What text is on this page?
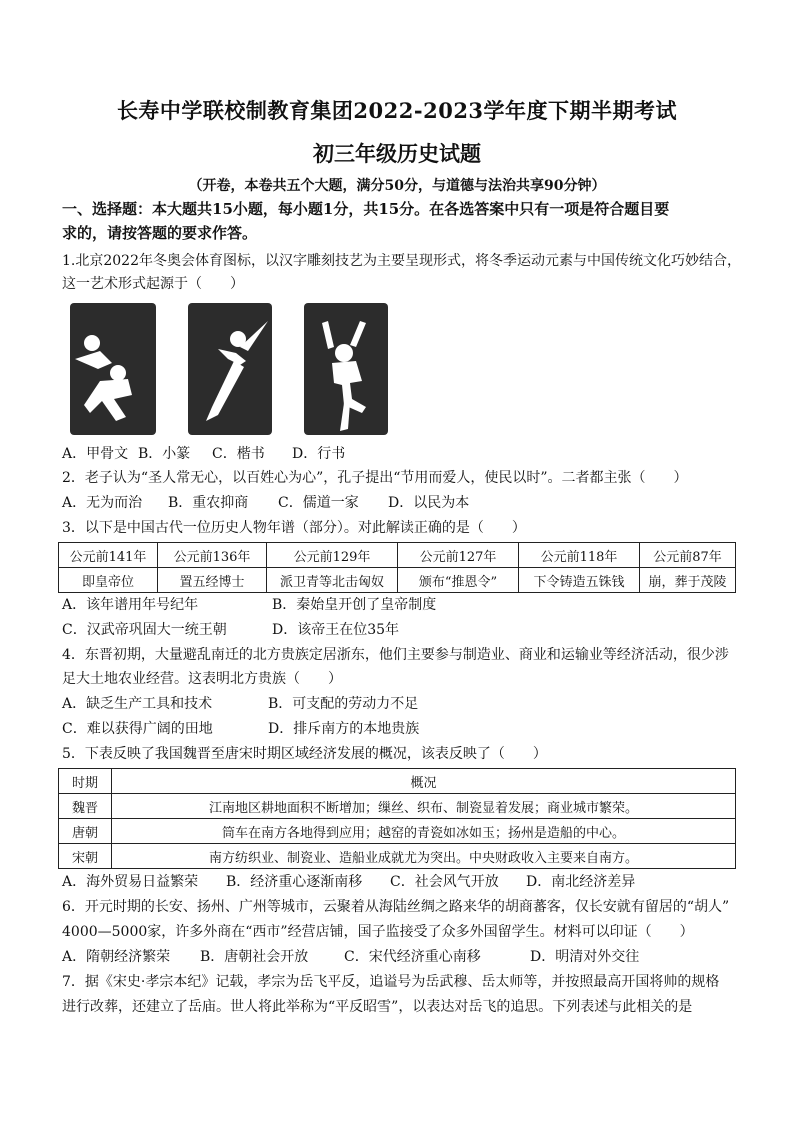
长寿中学联校制教育集团2022-2023学年度下期半期考试
初三年级历史试题
（开卷，本卷共五个大题，满分50分，与道德与法治共享90分钟）
一、选择题：本大题共15小题，每小题1分，共15分。在各选答案中只有一项是符合题目要
求的，请按答题的要求作答。
1.北京2022年冬奥会体育图标，以汉字雕刻技艺为主要呈现形式，将冬季运动元素与中国传统文化巧妙结合，
这一艺术形式起源于（　　）
A．甲骨文 B．小篆 C．楷书 D．行书
2．老子认为“圣人常无心，以百姓心为心”，孔子提出“节用而爱人，使民以时”。二者都主张（　　）
A．无为而治 B．重农抑商 C．儒道一家 D．以民为本
3．以下是中国古代一位历史人物年谱（部分）。对此解读正确的是（　　）
公元前141年	公元前136年	公元前129年	公元前127年	公元前118年	公元前87年
即皇帝位	置五经博士	派卫青等北击匈奴	颁布“推恩令”	下令铸造五铢钱	崩，葬于茂陵
A．该年谱用年号纪年	B．秦始皇开创了皇帝制度
C．汉武帝巩固大一统王朝	D．该帝王在位35年
4．东晋初期，大量避乱南迁的北方贵族定居浙东，他们主要参与制造业、商业和运输业等经济活动，很少涉
足大土地农业经营。这表明北方贵族（　　）
A．缺乏生产工具和技术	B．可支配的劳动力不足
C．难以获得广阔的田地	D．排斥南方的本地贵族
5．下表反映了我国魏晋至唐宋时期区域经济发展的概况，该表反映了（　　）
时期	概况
魏晋	江南地区耕地面积不断增加；缫丝、织布、制瓷显着发展；商业城市繁荣。
唐朝	筒车在南方各地得到应用；越窑的青瓷如冰如玉；扬州是造船的中心。
宋朝	南方纺织业、制瓷业、造船业成就尤为突出。中央财政收入主要来自南方。
A．海外贸易日益繁荣 B．经济重心逐渐南移 C．社会风气开放 D．南北经济差异
6．开元时期的长安、扬州、广州等城市，云聚着从海陆丝绸之路来华的胡商蕃客，仅长安就有留居的“胡人”
4000—5000家，许多外商在“西市”经营店铺，国子监接受了众多外国留学生。材料可以印证（　　）
A．隋朝经济繁荣 B．唐朝社会开放	C．宋代经济重心南移	D．明清对外交往
7．据《宋史·孝宗本纪》记载，孝宗为岳飞平反，追谥号为岳武穆、岳太师等，并按照最高开国将帅的规格
进行改葬，还建立了岳庙。世人将此举称为“平反昭雪”，以表达对岳飞的追思。下列表述与此相关的是
